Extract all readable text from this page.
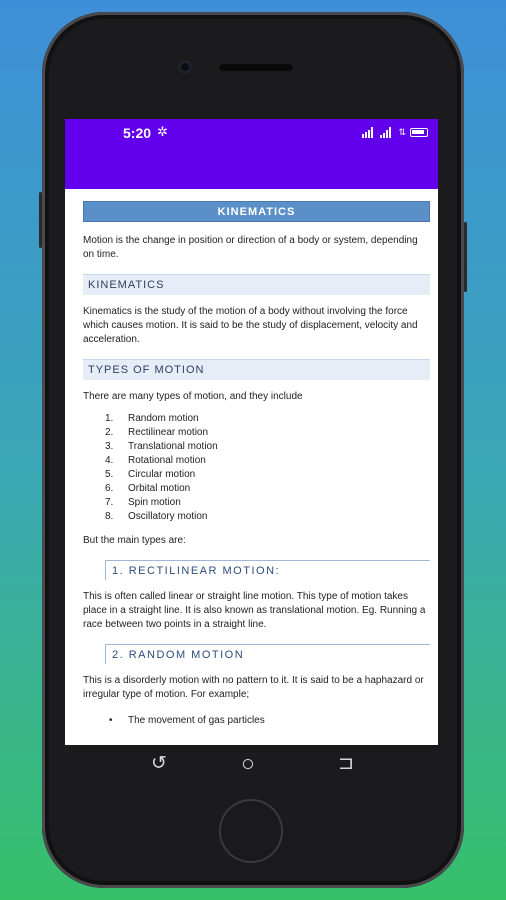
5:20 ✲	⇅
KINEMATICS

Motion is the change in position or direction of a body or system, depending on time.

KINEMATICS

Kinematics is the study of the motion of a body without involving the force which causes motion. It is said to be the study of displacement, velocity and acceleration.

TYPES OF MOTION

There are many types of motion, and they include

1.	Random motion
2.	Rectilinear motion
3.	Translational motion
4.	Rotational motion
5.	Circular motion
6.	Orbital motion
7.	Spin motion
8.	Oscillatory motion

But the main types are:

1. RECTILINEAR MOTION:

This is often called linear or straight line motion. This type of motion takes place in a straight line. It is also known as translational motion. Eg. Running a race between two points in a straight line.

2. RANDOM MOTION

This is a disorderly motion with no pattern to it. It is said to be a haphazard or irregular type of motion. For example;

•	The movement of gas particles
↺	○	⊐
